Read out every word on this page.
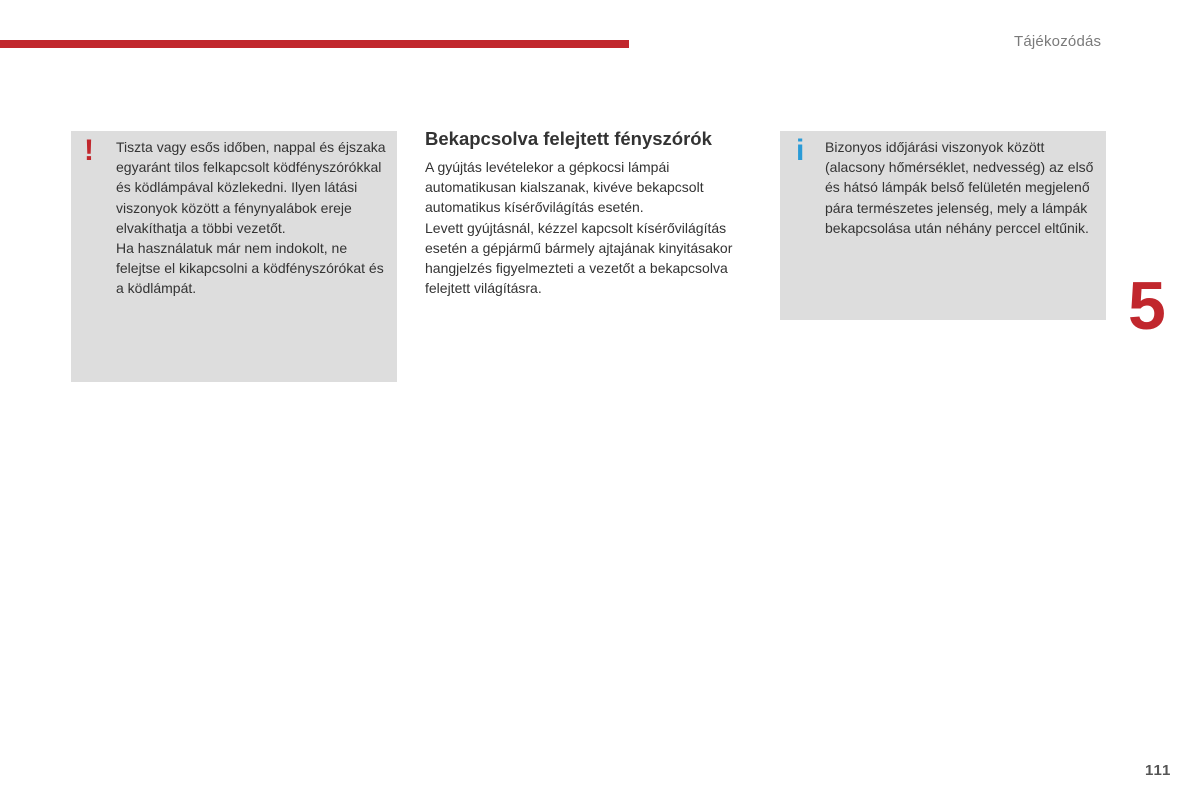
Tájékozódás
5
! Tiszta vagy esős időben, nappal és éjszaka egyaránt tilos felkapcsolt ködfényszórókkal és ködlámpával közlekedni. Ilyen látási viszonyok között a fénynyalábok ereje elvakíthatja a többi vezetőt.

Ha használatuk már nem indokolt, ne felejtse el kikapcsolni a ködfényszórókat és a ködlámpát.

Bekapcsolva felejtett fényszórók

A gyújtás levételekor a gépkocsi lámpái automatikusan kialszanak, kivéve bekapcsolt automatikus kísérővilágítás esetén.

Levett gyújtásnál, kézzel kapcsolt kísérővilágítás esetén a gépjármű bármely ajtajának kinyitásakor hangjelzés figyelmezteti a vezetőt a bekapcsolva felejtett világításra.

i Bizonyos időjárási viszonyok között (alacsony hőmérséklet, nedvesség) az első és hátsó lámpák belső felületén megjelenő pára természetes jelenség, mely a lámpák bekapcsolása után néhány perccel eltűnik.

111
